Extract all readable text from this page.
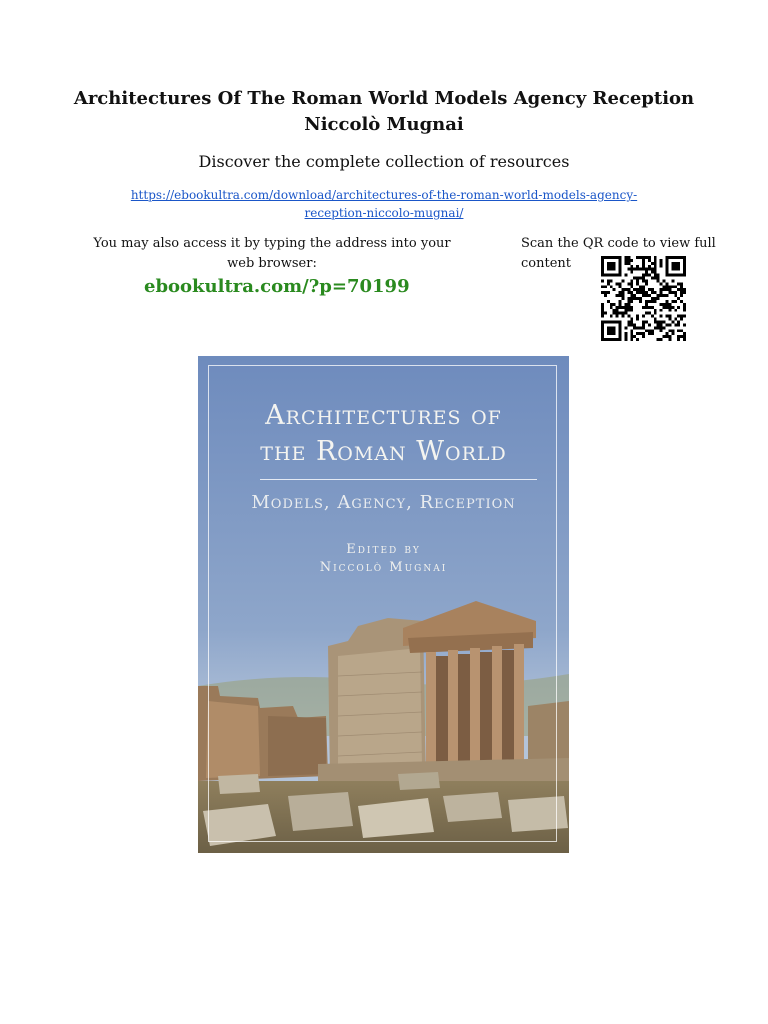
Architectures Of The Roman World Models Agency Reception
Niccolò Mugnai
Discover the complete collection of resources
https://ebookultra.com/download/architectures-of-the-roman-world-models-agency-
reception-niccolo-mugnai/
You may also access it by typing the address into your
web browser:
ebookultra.com/?p=70199
Scan the QR code to view full content
Architectures of
the Roman World
Models, Agency, Reception
Edited by
Niccolò Mugnai
